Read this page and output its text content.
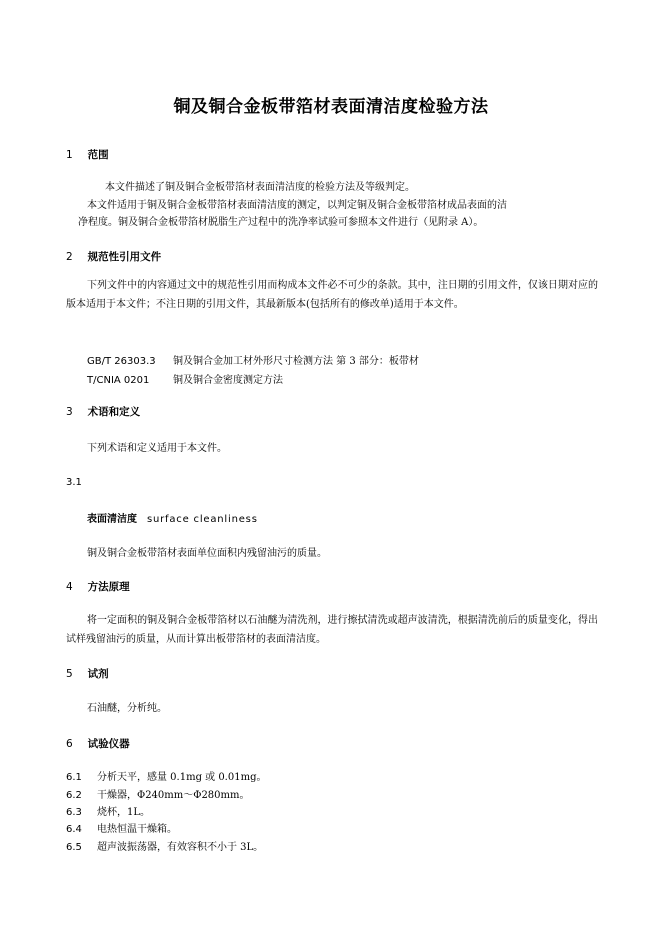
铜及铜合金板带箔材表面清洁度检验方法
1 范围
本文件描述了铜及铜合金板带箔材表面清洁度的检验方法及等级判定。
本文件适用于铜及铜合金板带箔材表面清洁度的测定，以判定铜及铜合金板带箔材成品表面的洁
净程度。铜及铜合金板带箔材脱脂生产过程中的洗净率试验可参照本文件进行（见附录 A）。
2 规范性引用文件
下列文件中的内容通过文中的规范性引用而构成本文件必不可少的条款。其中，注日期的引用文件，仅该日期对应的版本适用于本文件；不注日期的引用文件，其最新版本(包括所有的修改单)适用于本文件。
GB/T 26303.3 铜及铜合金加工材外形尺寸检测方法 第 3 部分：板带材
T/CNIA 0201 铜及铜合金密度测定方法
3 术语和定义
下列术语和定义适用于本文件。
3.1
表面清洁度 surface cleanliness
铜及铜合金板带箔材表面单位面积内残留油污的质量。
4 方法原理
将一定面积的铜及铜合金板带箔材以石油醚为清洗剂，进行擦拭清洗或超声波清洗，根据清洗前后的质量变化，得出试样残留油污的质量，从而计算出板带箔材的表面清洁度。
5 试剂
石油醚，分析纯。
6 试验仪器
6.1 分析天平，感量 0.1mg 或 0.01mg。
6.2 干燥器，Φ240mm～Φ280mm。
6.3 烧杯，1L。
6.4 电热恒温干燥箱。
6.5 超声波振荡器，有效容积不小于 3L。
